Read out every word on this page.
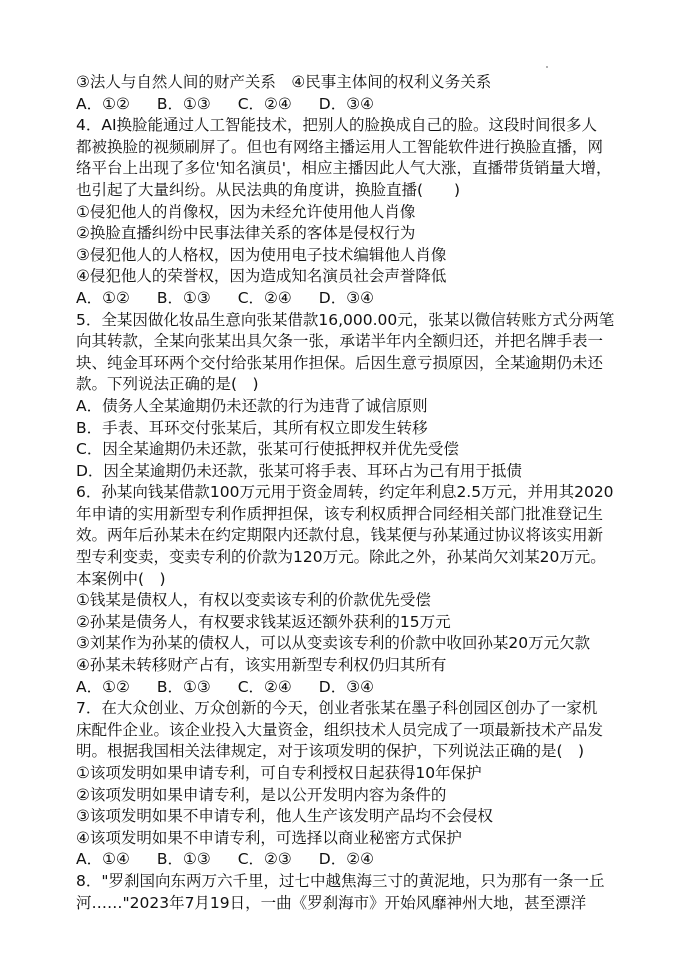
③法人与自然人间的财产关系　④民事主体间的权利义务关系
A．①② B．①③ C．②④ D．③④
4．AI换脸能通过人工智能技术，把别人的脸换成自己的脸。这段时间很多人
都被换脸的视频刷屏了。但也有网络主播运用人工智能软件进行换脸直播，网
络平台上出现了多位'知名演员'，相应主播因此人气大涨，直播带货销量大增，
也引起了大量纠纷。从民法典的角度讲，换脸直播(　　)
①侵犯他人的肖像权，因为未经允许使用他人肖像
②换脸直播纠纷中民事法律关系的客体是侵权行为
③侵犯他人的人格权，因为使用电子技术编辑他人肖像
④侵犯他人的荣誉权，因为造成知名演员社会声誉降低
A．①② B．①③ C．②④ D．③④
5．全某因做化妆品生意向张某借款16,000.00元，张某以微信转账方式分两笔
向其转款，全某向张某出具欠条一张，承诺半年内全额归还，并把名牌手表一
块、纯金耳环两个交付给张某用作担保。后因生意亏损原因，全某逾期仍未还
款。下列说法正确的是(　)
A．债务人全某逾期仍未还款的行为违背了诚信原则
B．手表、耳环交付张某后，其所有权立即发生转移
C．因全某逾期仍未还款，张某可行使抵押权并优先受偿
D．因全某逾期仍未还款，张某可将手表、耳环占为己有用于抵债
6．孙某向钱某借款100万元用于资金周转，约定年利息2.5万元，并用其2020
年申请的实用新型专利作质押担保，该专利权质押合同经相关部门批准登记生
效。两年后孙某未在约定期限内还款付息，钱某便与孙某通过协议将该实用新
型专利变卖，变卖专利的价款为120万元。除此之外，孙某尚欠刘某20万元。
本案例中(　)
①钱某是债权人，有权以变卖该专利的价款优先受偿
②孙某是债务人，有权要求钱某返还额外获利的15万元
③刘某作为孙某的债权人，可以从变卖该专利的价款中收回孙某20万元欠款
④孙某未转移财产占有，该实用新型专利权仍归其所有
A．①② B．①③ C．②④ D．③④
7．在大众创业、万众创新的今天，创业者张某在墨子科创园区创办了一家机
床配件企业。该企业投入大量资金，组织技术人员完成了一项最新技术产品发
明。根据我国相关法律规定，对于该项发明的保护，下列说法正确的是(　)
①该项发明如果申请专利，可自专利授权日起获得10年保护
②该项发明如果申请专利，是以公开发明内容为条件的
③该项发明如果不申请专利，他人生产该发明产品均不会侵权
④该项发明如果不申请专利，可选择以商业秘密方式保护
A．①④ B．①③ C．②③ D．②④
8．"罗刹国向东两万六千里，过七中越焦海三寸的黄泥地，只为那有一条一丘
河……"2023年7月19日，一曲《罗刹海市》开始风靡神州大地，甚至漂洋
